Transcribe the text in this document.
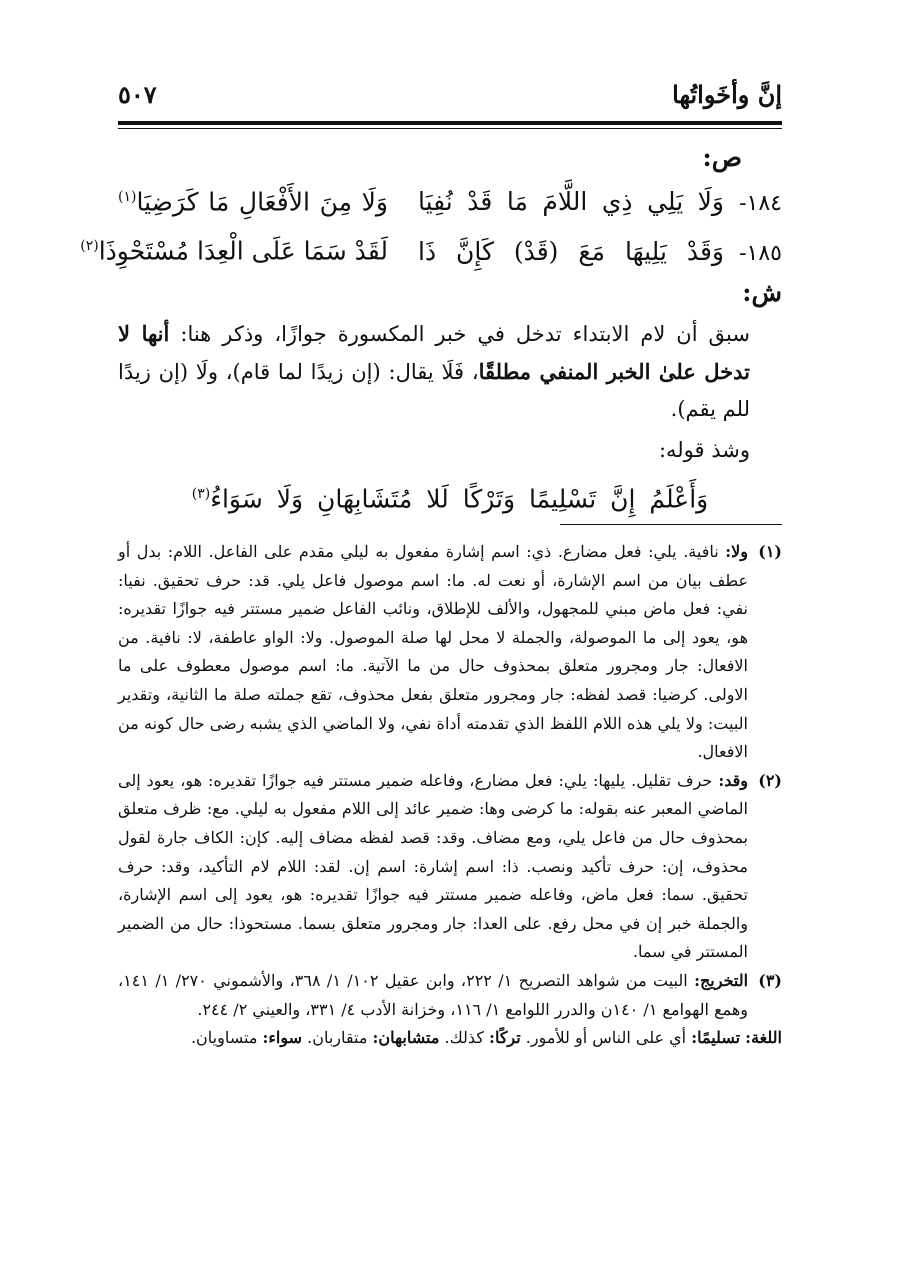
إنَّ وأخَواتُها
٥٠٧

ص:

١٨٤-
وَلَا يَلِي ذِي اللَّامَ مَا قَدْ نُفِيَا
وَلَا مِنَ الأَفْعَالِ مَا كَرَضِيَا$^{(١)}$
١٨٥-
وَقَدْ يَلِيهَا مَعَ (قَدْ) كَإِنَّ ذَا
لَقَدْ سَمَا عَلَى الْعِدَا مُسْتَحْوِذَا$^{(٢)}$

ش:

سبق أن لام الابتداء تدخل في خبر المكسورة جوازًا، وذكر هنا: أنها لا تدخل علىٰ الخبر المنفي مطلقًا، فَلَا يقال: (إن زيدًا لما قام)، ولَا (إن زيدًا للم يقم).

وشذ قوله:

وَأَعْلَمُ إِنَّ تَسْلِيمًا وَتَرْكًا لَلا مُتَشَابِهَانِ وَلَا سَوَاءُ$^{(٣)}$

(١)
ولا: نافية. يلي: فعل مضارع. ذي: اسم إشارة مفعول به ليلي مقدم على الفاعل. اللام: بدل أو عطف بيان من اسم الإشارة، أو نعت له. ما: اسم موصول فاعل يلي. قد: حرف تحقيق. نفيا: نفي: فعل ماض مبني للمجهول، والألف للإطلاق، ونائب الفاعل ضمير مستتر فيه جوازًا تقديره: هو، يعود إلى ما الموصولة، والجملة لا محل لها صلة الموصول. ولا: الواو عاطفة، لا: نافية. من الافعال: جار ومجرور متعلق بمحذوف حال من ما الآتية. ما: اسم موصول معطوف على ما الاولى. كرضيا: قصد لفظه: جار ومجرور متعلق بفعل محذوف، تقع جملته صلة ما الثانية، وتقدير البيت: ولا يلي هذه اللام اللفظ الذي تقدمته أداة نفي، ولا الماضي الذي يشبه رضى حال كونه من الافعال.

(٢)
وقد: حرف تقليل. يليها: يلي: فعل مضارع، وفاعله ضمير مستتر فيه جوازًا تقديره: هو، يعود إلى الماضي المعبر عنه بقوله: ما كرضى وها: ضمير عائد إلى اللام مفعول به ليلي. مع: ظرف متعلق بمحذوف حال من فاعل يلي، ومع مضاف. وقد: قصد لفظه مضاف إليه. كإن: الكاف جارة لقول محذوف، إن: حرف تأكيد ونصب. ذا: اسم إشارة: اسم إن. لقد: اللام لام التأكيد، وقد: حرف تحقيق. سما: فعل ماض، وفاعله ضمير مستتر فيه جوازًا تقديره: هو، يعود إلى اسم الإشارة، والجملة خبر إن في محل رفع. على العدا: جار ومجرور متعلق بسما. مستحوذا: حال من الضمير المستتر في سما.

(٣)
التخريج: البيت من شواهد التصريح ١/ ٢٢٢، وابن عقيل ١٠٢/ ١/ ٣٦٨، والأشموني ٢٧٠/ ١/ ١٤١، وهمع الهوامع ١/ ١٤٠ن والدرر اللوامع ١/ ١١٦، وخزانة الأدب ٤/ ٣٣١، والعيني ٢/ ٢٤٤.

اللغة: تسليمًا: أي على الناس أو للأمور. تركًا: كذلك. متشابهان: متقاربان. سواء: متساويان.
